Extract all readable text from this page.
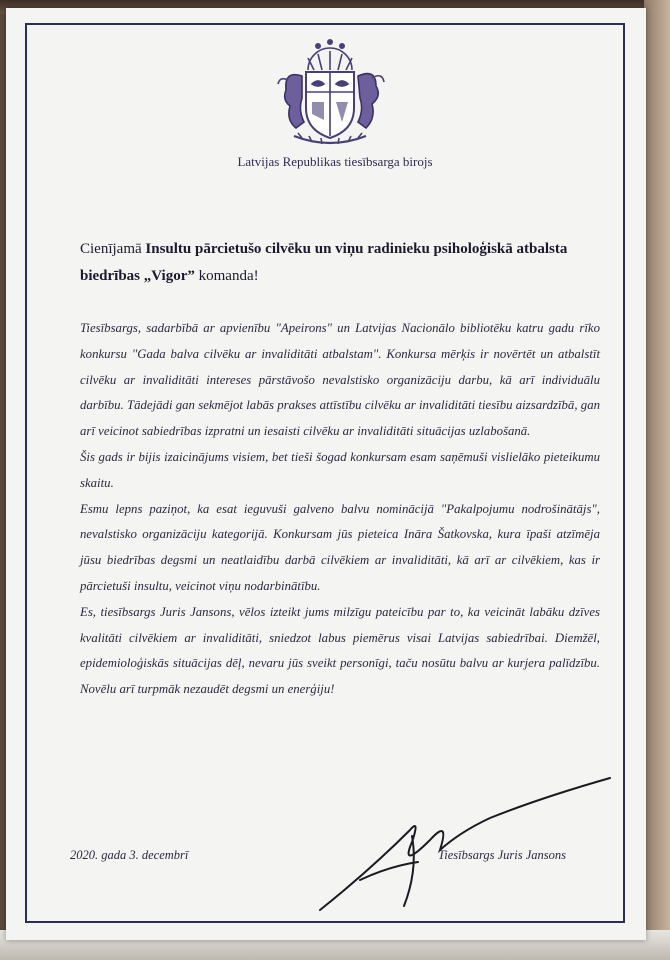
Latvijas Republikas tiesībsarga birojs
Cienījamā Insultu pārcietušo cilvēku un viņu radinieku psiholoģiskā atbalsta biedrības „Vigor” komanda!

Tiesībsargs, sadarbībā ar apvienību "Apeirons" un Latvijas Nacionālo bibliotēku katru gadu rīko konkursu "Gada balva cilvēku ar invaliditāti atbalstam". Konkursa mērķis ir novērtēt un atbalstīt cilvēku ar invaliditāti intereses pārstāvošo nevalstisko organizāciju darbu, kā arī individuālu darbību. Tādejādi gan sekmējot labās prakses attīstību cilvēku ar invaliditāti tiesību aizsardzībā, gan arī veicinot sabiedrības izpratni un iesaisti cilvēku ar invaliditāti situācijas uzlabošanā.

Šis gads ir bijis izaicinājums visiem, bet tieši šogad konkursam esam saņēmuši vislielāko pieteikumu skaitu.

Esmu lepns paziņot, ka esat ieguvuši galveno balvu nominācijā "Pakalpojumu nodrošinātājs", nevalstisko organizāciju kategorijā. Konkursam jūs pieteica Ināra Šatkovska, kura īpaši atzīmēja jūsu biedrības degsmi un neatlaidību darbā cilvēkiem ar invaliditāti, kā arī ar cilvēkiem, kas ir pārcietuši insultu, veicinot viņu nodarbinātību.

Es, tiesībsargs Juris Jansons, vēlos izteikt jums milzīgu pateicību par to, ka veicināt labāku dzīves kvalitāti cilvēkiem ar invaliditāti, sniedzot labus piemērus visai Latvijas sabiedrībai. Diemžēl, epidemioloģiskās situācijas dēļ, nevaru jūs sveikt personīgi, taču nosūtu balvu ar kurjera palīdzību. Novēlu arī turpmāk nezaudēt degsmi un enerģiju!

2020. gada 3. decembrī	Tiesībsargs Juris Jansons
